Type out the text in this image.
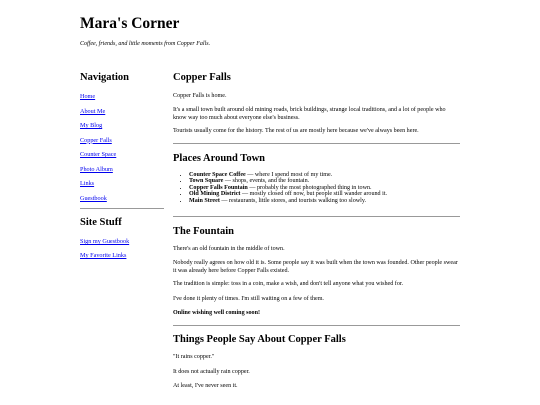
Mara's Corner

Coffee, friends, and little moments from Copper Falls.

Navigation
Home
About Me
My Blog
Copper Falls
Counter Space
Photo Album
Links
Guestbook
Site Stuff
Sign my Guestbook
My Favorite Links
Copper Falls

Copper Falls is home.

It's a small town built around old mining roads, brick buildings, strange local traditions, and a lot of people who know way too much about everyone else's business.

Tourists usually come for the history. The rest of us are mostly here because we've always been here.

Places Around Town
• Counter Space Coffee — where I spend most of my time.
• Town Square — shops, events, and the fountain.
• Copper Falls Fountain — probably the most photographed thing in town.
• Old Mining District — mostly closed off now, but people still wander around it.
• Main Street — restaurants, little stores, and tourists walking too slowly.
The Fountain

There's an old fountain in the middle of town.

Nobody really agrees on how old it is. Some people say it was built when the town was founded. Other people swear it was already here before Copper Falls existed.

The tradition is simple: toss in a coin, make a wish, and don't tell anyone what you wished for.

I've done it plenty of times. I'm still waiting on a few of them.

Online wishing well coming soon!

Things People Say About Copper Falls

"It rains copper."

It does not actually rain copper.

At least, I've never seen it.
